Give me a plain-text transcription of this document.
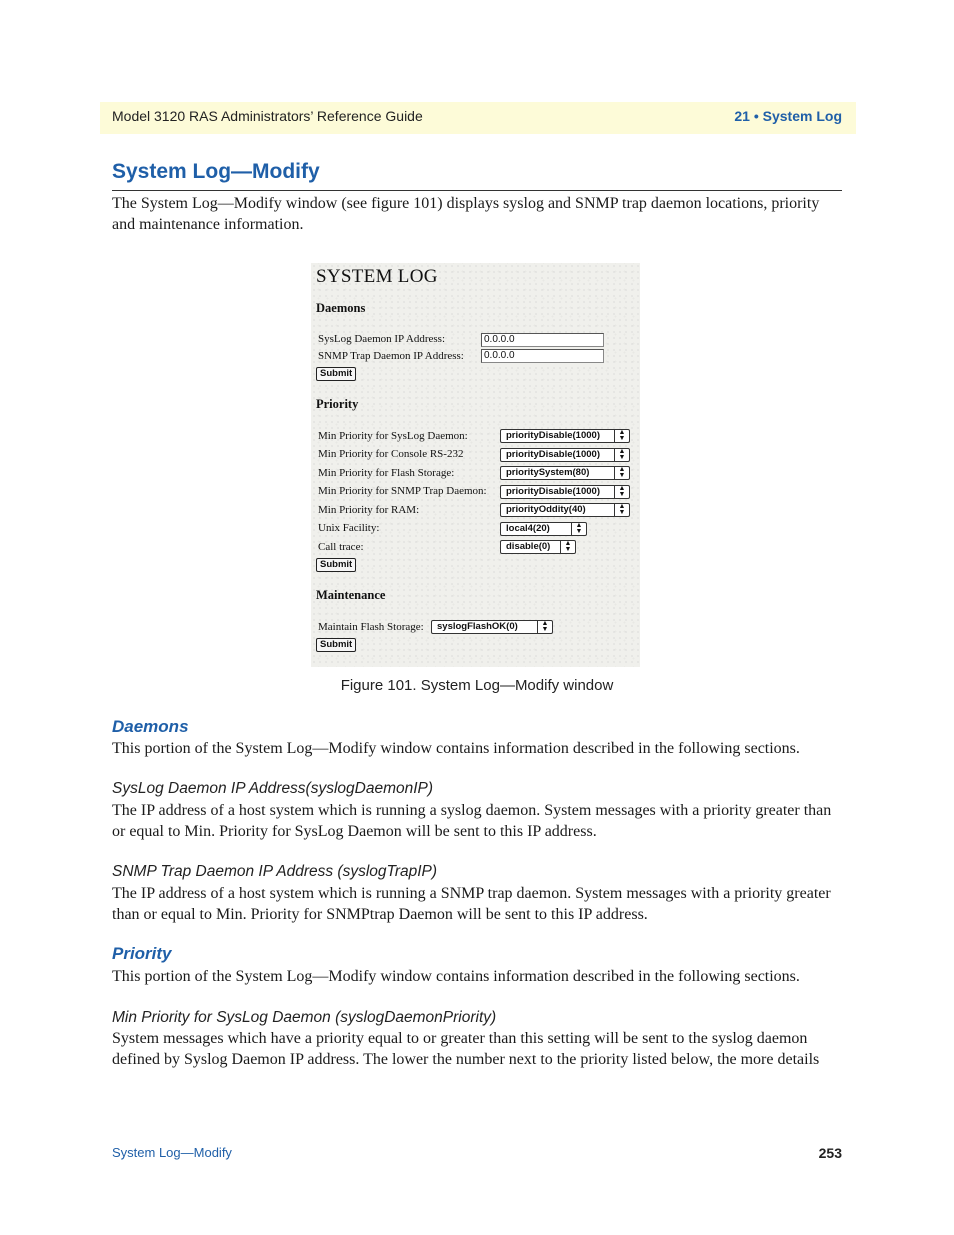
Model 3120 RAS Administrators’ Reference Guide	21 • System Log
System Log—Modify
The System Log—Modify window (see figure 101) displays syslog and SNMP trap daemon locations, priority and maintenance information.
SYSTEM LOG
Daemons
SysLog Daemon IP Address:	0.0.0.0
SNMP Trap Daemon IP Address:	0.0.0.0
Submit
Priority
Min Priority for SysLog Daemon:	priorityDisable(1000)	▲
▼
Min Priority for Console RS-232	priorityDisable(1000)	▲
▼
Min Priority for Flash Storage:	prioritySystem(80)	▲
▼
Min Priority for SNMP Trap Daemon:	priorityDisable(1000)	▲
▼
Min Priority for RAM:	priorityOddity(40)	▲
▼
Unix Facility:	local4(20)	▲
▼
Call trace:	disable(0)	▲
▼
Submit
Maintenance
Maintain Flash Storage:	syslogFlashOK(0)	▲
▼
Submit
Figure 101. System Log—Modify window
Daemons
This portion of the System Log—Modify window contains information described in the following sections.
SysLog Daemon IP Address(syslogDaemonIP)
The IP address of a host system which is running a syslog daemon. System messages with a priority greater than or equal to Min. Priority for SysLog Daemon will be sent to this IP address.
SNMP Trap Daemon IP Address (syslogTrapIP)
The IP address of a host system which is running a SNMP trap daemon. System messages with a priority greater than or equal to Min. Priority for SNMPtrap Daemon will be sent to this IP address.
Priority
This portion of the System Log—Modify window contains information described in the following sections.
Min Priority for SysLog Daemon (syslogDaemonPriority)
System messages which have a priority equal to or greater than this setting will be sent to the syslog daemon defined by Syslog Daemon IP address. The lower the number next to the priority listed below, the more details
System Log—Modify	253
